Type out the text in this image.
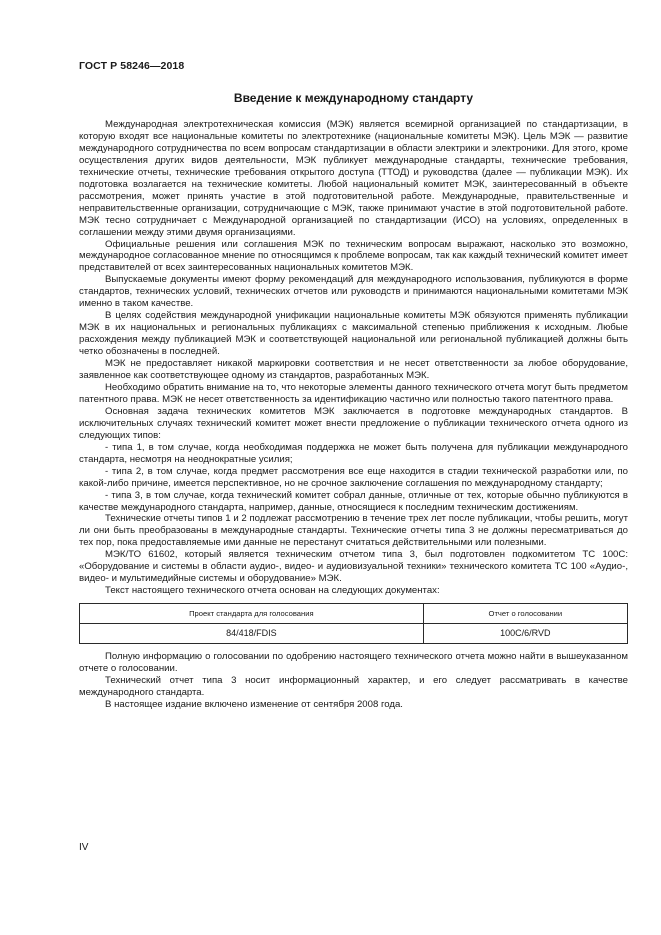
ГОСТ Р 58246—2018
Введение к международному стандарту

Международная электротехническая комиссия (МЭК) является всемирной организацией по стандартизации, в которую входят все национальные комитеты по электротехнике (национальные комитеты МЭК). Цель МЭК — развитие международного сотрудничества по всем вопросам стандартизации в области электрики и электроники. Для этого, кроме осуществления других видов деятельности, МЭК публикует международные стандарты, технические требования, технические отчеты, технические требования открытого доступа (ТТОД) и руководства (далее — публикации МЭК). Их подготовка возлагается на технические комитеты. Любой национальный комитет МЭК, заинтересованный в объекте рассмотрения, может принять участие в этой подготовительной работе. Международные, правительственные и неправительственные организации, сотрудничающие с МЭК, также принимают участие в этой подготовительной работе. МЭК тесно сотрудничает с Международной организацией по стандартизации (ИСО) на условиях, определенных в соглашении между этими двумя организациями.

Официальные решения или соглашения МЭК по техническим вопросам выражают, насколько это возможно, международное согласованное мнение по относящимся к проблеме вопросам, так как каждый технический комитет имеет представителей от всех заинтересованных национальных комитетов МЭК.

Выпускаемые документы имеют форму рекомендаций для международного использования, публикуются в форме стандартов, технических условий, технических отчетов или руководств и принимаются национальными комитетами МЭК именно в таком качестве.

В целях содействия международной унификации национальные комитеты МЭК обязуются применять публикации МЭК в их национальных и региональных публикациях с максимальной степенью приближения к исходным. Любые расхождения между публикацией МЭК и соответствующей национальной или региональной публикацией должны быть четко обозначены в последней.

МЭК не предоставляет никакой маркировки соответствия и не несет ответственности за любое оборудование, заявленное как соответствующее одному из стандартов, разработанных МЭК.

Необходимо обратить внимание на то, что некоторые элементы данного технического отчета могут быть предметом патентного права. МЭК не несет ответственность за идентификацию частично или полностью такого патентного права.

Основная задача технических комитетов МЭК заключается в подготовке международных стандартов. В исключительных случаях технический комитет может внести предложение о публикации технического отчета одного из следующих типов:

- типа 1, в том случае, когда необходимая поддержка не может быть получена для публикации международного стандарта, несмотря на неоднократные усилия;

- типа 2, в том случае, когда предмет рассмотрения все еще находится в стадии технической разработки или, по какой-либо причине, имеется перспективное, но не срочное заключение соглашения по международному стандарту;

- типа 3, в том случае, когда технический комитет собрал данные, отличные от тех, которые обычно публикуются в качестве международного стандарта, например, данные, относящиеся к последним техническим достижениям.

Технические отчеты типов 1 и 2 подлежат рассмотрению в течение трех лет после публикации, чтобы решить, могут ли они быть преобразованы в международные стандарты. Технические отчеты типа 3 не должны пересматриваться до тех пор, пока предоставляемые ими данные не перестанут считаться действительными или полезными.

МЭК/ТО 61602, который является техническим отчетом типа 3, был подготовлен подкомитетом ТС 100С: «Оборудование и системы в области аудио-, видео- и аудиовизуальной техники» технического комитета ТС 100 «Аудио-, видео- и мультимедийные системы и оборудование» МЭК.

Текст настоящего технического отчета основан на следующих документах:

Проект стандарта для голосования	Отчет о голосовании
84/418/FDIS	100С/6/RVD

Полную информацию о голосовании по одобрению настоящего технического отчета можно найти в вышеуказанном отчете о голосовании.

Технический отчет типа 3 носит информационный характер, и его следует рассматривать в качестве международного стандарта.

В настоящее издание включено изменение от сентября 2008 года.

IV
